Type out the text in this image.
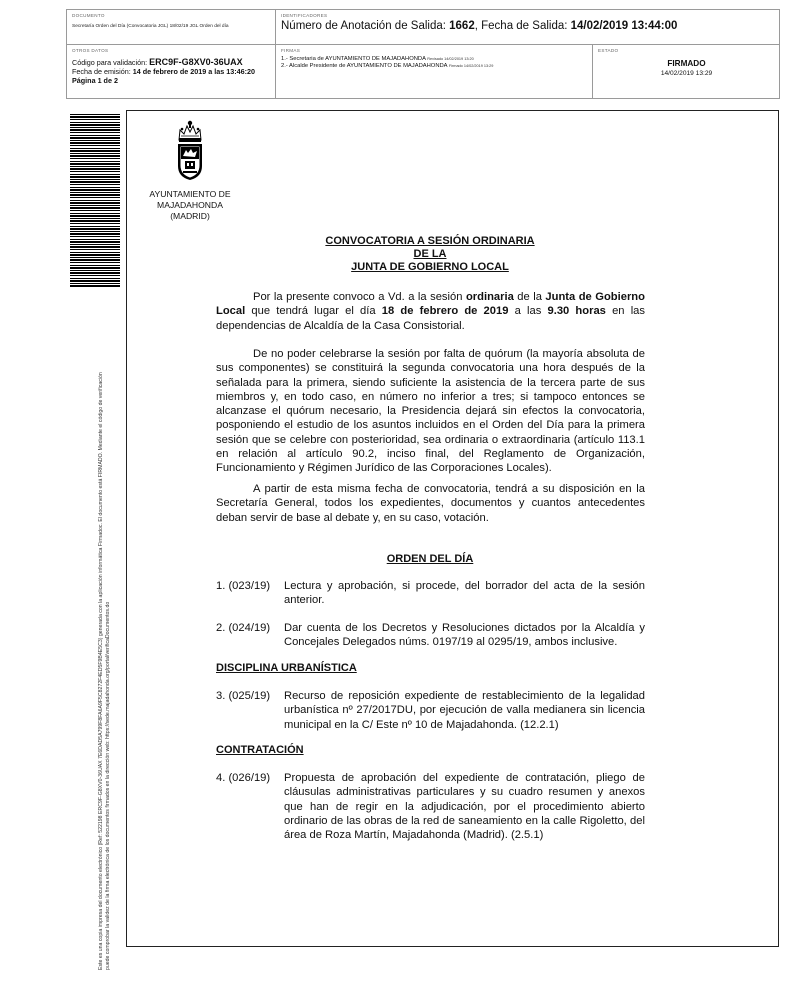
DOCUMENTO
Secretaría Orden del Día (Convocatoria JGL) 18/02/19 JGL Orden del día
IDENTIFICADORES
Número de Anotación de Salida: 1662, Fecha de Salida: 14/02/2019 13:44:00
OTROS DATOS
Código para validación: ERC9F-G8XV0-36UAX
Fecha de emisión: 14 de febrero de 2019 a las 13:46:20
Página 1 de 2
FIRMAS
1.- Secretaria de AYUNTAMIENTO DE MAJADAHONDA Revisado 14/02/2019 13:20
2.- Alcalde Presidente de AYUNTAMIENTO DE MAJADAHONDA Firmado 14/02/2019 13:29
ESTADO
FIRMADO
14/02/2019 13:29
Este es una copia impresa del documento electrónico (Ref: 522198 ERC9F-G8XV0-36UAX 7E6DAD5A799F8FA6A9F5C8272F4ED5F9B4E5C3) generada con la aplicación informática Firmadoc. El documento está FIRMADO. Mediante el código de verificación puede comprobar la validez de la firma electrónica de los documentos firmados en la dirección web: https://sede.majadahonda.org/portal/verificaDocumentos.do
AYUNTAMIENTO DE
MAJADAHONDA
(MADRID)
CONVOCATORIA A SESIÓN ORDINARIA
DE LA
JUNTA DE GOBIERNO LOCAL

Por la presente convoco a Vd. a la sesión ordinaria de la Junta de Gobierno Local que tendrá lugar el día 18 de febrero de 2019 a las 9.30 horas en las dependencias de Alcaldía de la Casa Consistorial.

De no poder celebrarse la sesión por falta de quórum (la mayoría absoluta de sus componentes) se constituirá la segunda convocatoria una hora después de la señalada para la primera, siendo suficiente la asistencia de la tercera parte de sus miembros y, en todo caso, en número no inferior a tres; si tampoco entonces se alcanzase el quórum necesario, la Presidencia dejará sin efectos la convocatoria, posponiendo el estudio de los asuntos incluidos en el Orden del Día para la primera sesión que se celebre con posterioridad, sea ordinaria o extraordinaria (artículo 113.1 en relación al artículo 90.2, inciso final, del Reglamento de Organización, Funcionamiento y Régimen Jurídico de las Corporaciones Locales).

A partir de esta misma fecha de convocatoria, tendrá a su disposición en la Secretaría General, todos los expedientes, documentos y cuantos antecedentes deban servir de base al debate y, en su caso, votación.

ORDEN DEL DÍA
1. (023/19) Lectura y aprobación, si procede, del borrador del acta de la sesión anterior.
2. (024/19) Dar cuenta de los Decretos y Resoluciones dictados por la Alcaldía y Concejales Delegados núms. 0197/19 al 0295/19, ambos inclusive.
DISCIPLINA URBANÍSTICA
3. (025/19) Recurso de reposición expediente de restablecimiento de la legalidad urbanística nº 27/2017DU, por ejecución de valla medianera sin licencia municipal en la C/ Este nº 10 de Majadahonda. (12.2.1)
CONTRATACIÓN
4. (026/19) Propuesta de aprobación del expediente de contratación, pliego de cláusulas administrativas particulares y su cuadro resumen y anexos que han de regir en la adjudicación, por el procedimiento abierto ordinario de las obras de la red de saneamiento en la calle Rigoletto, del área de Roza Martín, Majadahonda (Madrid). (2.5.1)
